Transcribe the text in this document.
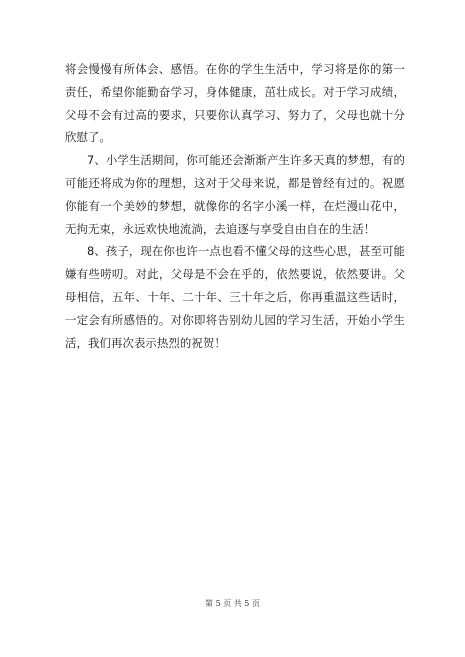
将会慢慢有所体会、感悟。在你的学生生活中，学习将是你的第一责任，希望你能勤奋学习，身体健康，茁壮成长。对于学习成绩，父母不会有过高的要求，只要你认真学习、努力了，父母也就十分欣慰了。

7、小学生活期间，你可能还会渐渐产生许多天真的梦想，有的可能还将成为你的理想，这对于父母来说，都是曾经有过的。祝愿你能有一个美妙的梦想，就像你的名字小溪一样，在烂漫山花中，无拘无束，永远欢快地流淌，去追逐与享受自由自在的生活！

8、孩子，现在你也许一点也看不懂父母的这些心思，甚至可能嫌有些唠叨。对此，父母是不会在乎的，依然要说，依然要讲。父母相信，五年、十年、二十年、三十年之后，你再重温这些话时，一定会有所感悟的。对你即将告别幼儿园的学习生活，开始小学生活，我们再次表示热烈的祝贺！

第 5 页 共 5 页
